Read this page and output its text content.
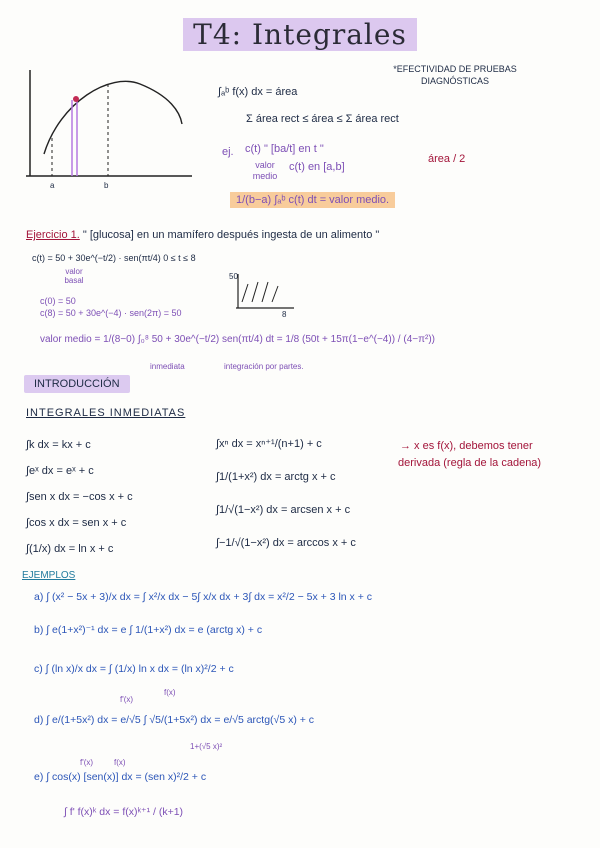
T4: Integrales
a	b
∫ₐᵇ f(x) dx = área
Σ área rect ≤ área ≤ Σ área rect
*EFECTIVIDAD DE PRUEBAS DIAGNÓSTICAS
ej. c(t) " [ba/t] en t "
valor medio
c(t) en [a,b]
área / 2
1/(b−a) ∫ₐᵇ c(t) dt = valor medio.
Ejercicio 1. " [glucosa] en un mamífero después ingesta de un alimento "
c(t) = 50 + 30e^(−t/2) · sen(πt/4) 0 ≤ t ≤ 8
valor basal	50
8
c(0) = 50
c(8) = 50 + 30e^(−4) · sen(2π) = 50
valor medio = 1/(8−0) ∫₀⁸ 50 + 30e^(−t/2) sen(πt/4) dt = 1/8 (50t + 15π(1−e^(−4)) / (4−π²))
inmediata	integración por partes.
INTRODUCCIÓN
INTEGRALES INMEDIATAS
∫k dx = kx + c
∫eˣ dx = eˣ + c
∫sen x dx = −cos x + c
∫cos x dx = sen x + c
∫(1/x) dx = ln x + c
∫xⁿ dx = xⁿ⁺¹/(n+1) + c
∫1/(1+x²) dx = arctg x + c
∫1/√(1−x²) dx = arcsen x + c
∫−1/√(1−x²) dx = arccos x + c
→ x es f(x), debemos tener
derivada (regla de la cadena)
EJEMPLOS
a) ∫ (x² − 5x + 3)/x dx = ∫ x²/x dx − 5∫ x/x dx + 3∫ dx = x²/2 − 5x + 3 ln x + c
b) ∫ e(1+x²)⁻¹ dx = e ∫ 1/(1+x²) dx = e (arctg x) + c
c) ∫ (ln x)/x dx = ∫ (1/x) ln x dx = (ln x)²/2 + c
f'(x)
f(x)
d) ∫ e/(1+5x²) dx = e/√5 ∫ √5/(1+5x²) dx = e/√5 arctg(√5 x) + c
1+(√5 x)²
f'(x)	f(x)
e) ∫ cos(x) [sen(x)] dx = (sen x)²/2 + c
∫ f' f(x)ᵏ dx = f(x)ᵏ⁺¹ / (k+1)
